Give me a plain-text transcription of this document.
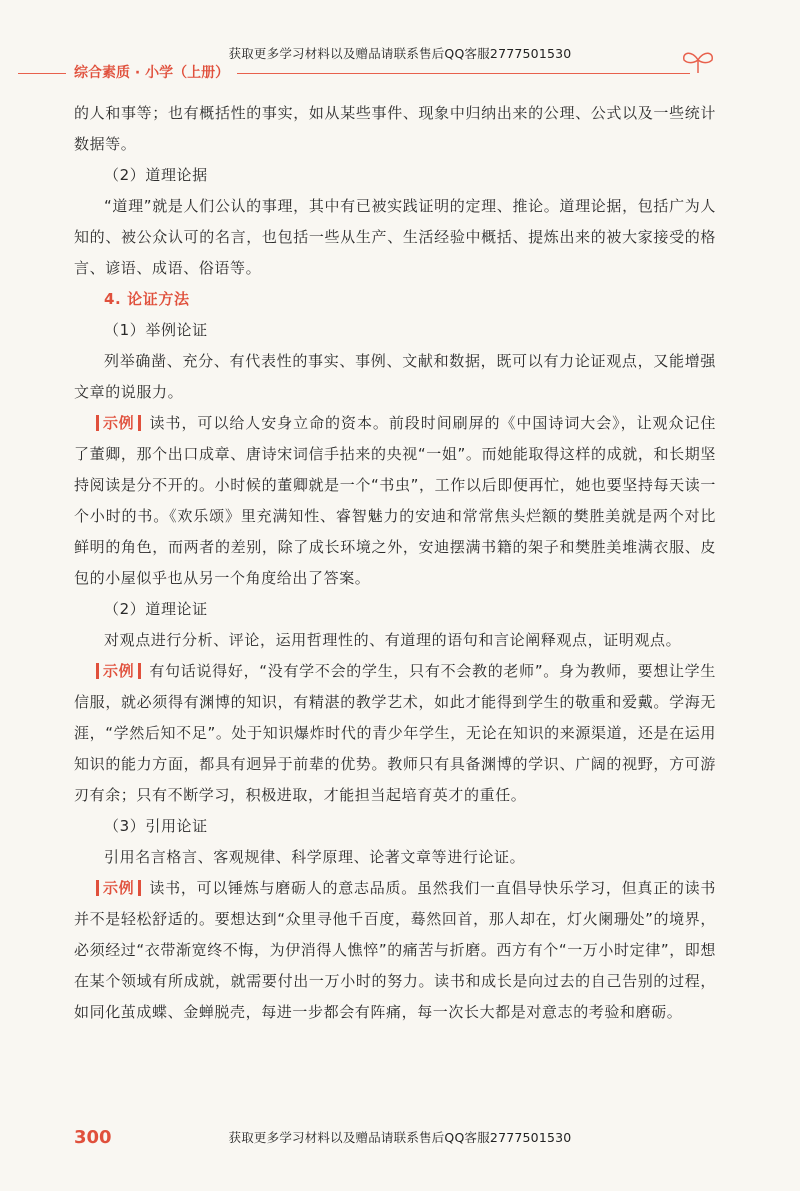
获取更多学习材料以及赠品请联系售后QQ客服2777501530
综合素质 · 小学（上册）

的人和事等；也有概括性的事实，如从某些事件、现象中归纳出来的公理、公式以及一些统计数据等。

（2）道理论据

“道理”就是人们公认的事理，其中有已被实践证明的定理、推论。道理论据，包括广为人知的、被公众认可的名言，也包括一些从生产、生活经验中概括、提炼出来的被大家接受的格言、谚语、成语、俗语等。

4. 论证方法

（1）举例论证

列举确凿、充分、有代表性的事实、事例、文献和数据，既可以有力论证观点，又能增强文章的说服力。

示例 读书，可以给人安身立命的资本。前段时间刷屏的《中国诗词大会》，让观众记住了董卿，那个出口成章、唐诗宋词信手拈来的央视“一姐”。而她能取得这样的成就，和长期坚持阅读是分不开的。小时候的董卿就是一个“书虫”，工作以后即便再忙，她也要坚持每天读一个小时的书。《欢乐颂》里充满知性、睿智魅力的安迪和常常焦头烂额的樊胜美就是两个对比鲜明的角色，而两者的差别，除了成长环境之外，安迪摆满书籍的架子和樊胜美堆满衣服、皮包的小屋似乎也从另一个角度给出了答案。

（2）道理论证

对观点进行分析、评论，运用哲理性的、有道理的语句和言论阐释观点，证明观点。

示例 有句话说得好，“没有学不会的学生，只有不会教的老师”。身为教师，要想让学生信服，就必须得有渊博的知识，有精湛的教学艺术，如此才能得到学生的敬重和爱戴。学海无涯，“学然后知不足”。处于知识爆炸时代的青少年学生，无论在知识的来源渠道，还是在运用知识的能力方面，都具有迥异于前辈的优势。教师只有具备渊博的学识、广阔的视野，方可游刃有余；只有不断学习，积极进取，才能担当起培育英才的重任。

（3）引用论证

引用名言格言、客观规律、科学原理、论著文章等进行论证。

示例 读书，可以锤炼与磨砺人的意志品质。虽然我们一直倡导快乐学习，但真正的读书并不是轻松舒适的。要想达到“众里寻他千百度，蓦然回首，那人却在，灯火阑珊处”的境界，必须经过“衣带渐宽终不悔，为伊消得人憔悴”的痛苦与折磨。西方有个“一万小时定律”，即想在某个领域有所成就，就需要付出一万小时的努力。读书和成长是向过去的自己告别的过程，如同化茧成蝶、金蝉脱壳，每进一步都会有阵痛，每一次长大都是对意志的考验和磨砺。

300	获取更多学习材料以及赠品请联系售后QQ客服2777501530
